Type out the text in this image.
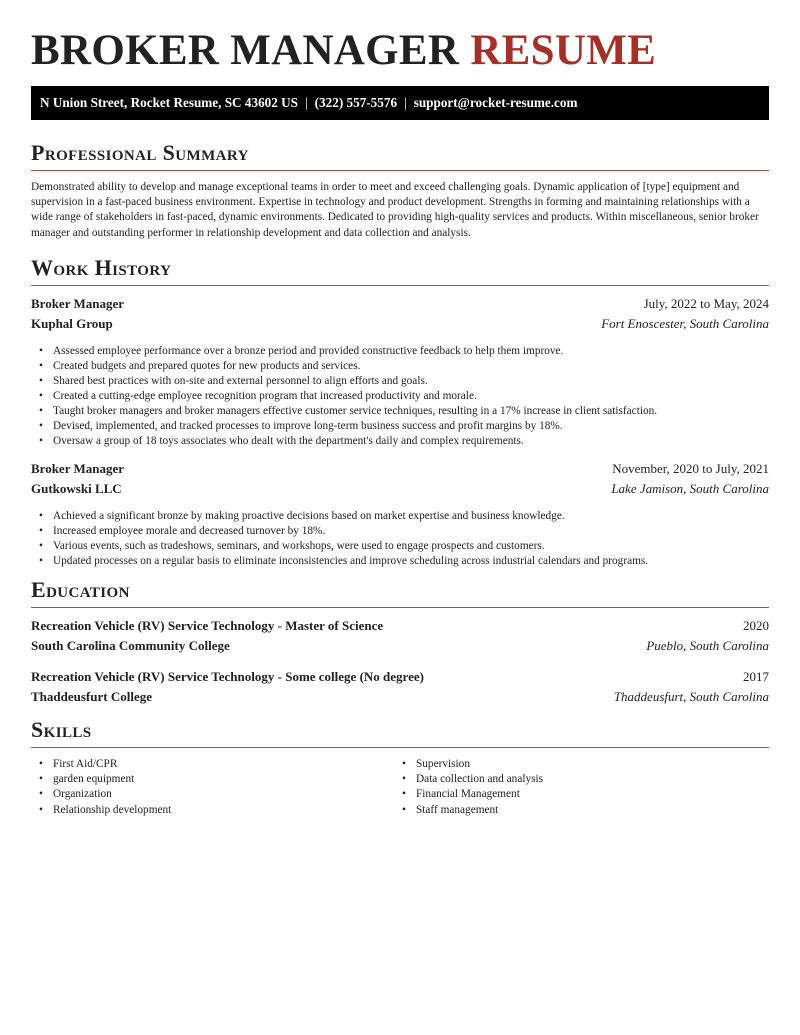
BROKER MANAGER RESUME
N Union Street, Rocket Resume, SC 43602 US | (322) 557-5576 | support@rocket-resume.com
Professional Summary

Demonstrated ability to develop and manage exceptional teams in order to meet and exceed challenging goals. Dynamic application of [type] equipment and supervision in a fast-paced business environment. Expertise in technology and product development. Strengths in forming and maintaining relationships with a wide range of stakeholders in fast-paced, dynamic environments. Dedicated to providing high-quality services and products. Within miscellaneous, senior broker manager and outstanding performer in relationship development and data collection and analysis.

Work History
Broker Manager	July, 2022 to May, 2024
Kuphal Group	Fort Enoscester, South Carolina
• Assessed employee performance over a bronze period and provided constructive feedback to help them improve.
• Created budgets and prepared quotes for new products and services.
• Shared best practices with on-site and external personnel to align efforts and goals.
• Created a cutting-edge employee recognition program that increased productivity and morale.
• Taught broker managers and broker managers effective customer service techniques, resulting in a 17% increase in client satisfaction.
• Devised, implemented, and tracked processes to improve long-term business success and profit margins by 18%.
• Oversaw a group of 18 toys associates who dealt with the department's daily and complex requirements.
Broker Manager	November, 2020 to July, 2021
Gutkowski LLC	Lake Jamison, South Carolina
• Achieved a significant bronze by making proactive decisions based on market expertise and business knowledge.
• Increased employee morale and decreased turnover by 18%.
• Various events, such as tradeshows, seminars, and workshops, were used to engage prospects and customers.
• Updated processes on a regular basis to eliminate inconsistencies and improve scheduling across industrial calendars and programs.
Education
Recreation Vehicle (RV) Service Technology - Master of Science	2020
South Carolina Community College	Pueblo, South Carolina
Recreation Vehicle (RV) Service Technology - Some college (No degree)	2017
Thaddeusfurt College	Thaddeusfurt, South Carolina
Skills
• First Aid/CPR
• garden equipment
• Organization
• Relationship development
• Supervision
• Data collection and analysis
• Financial Management
• Staff management
